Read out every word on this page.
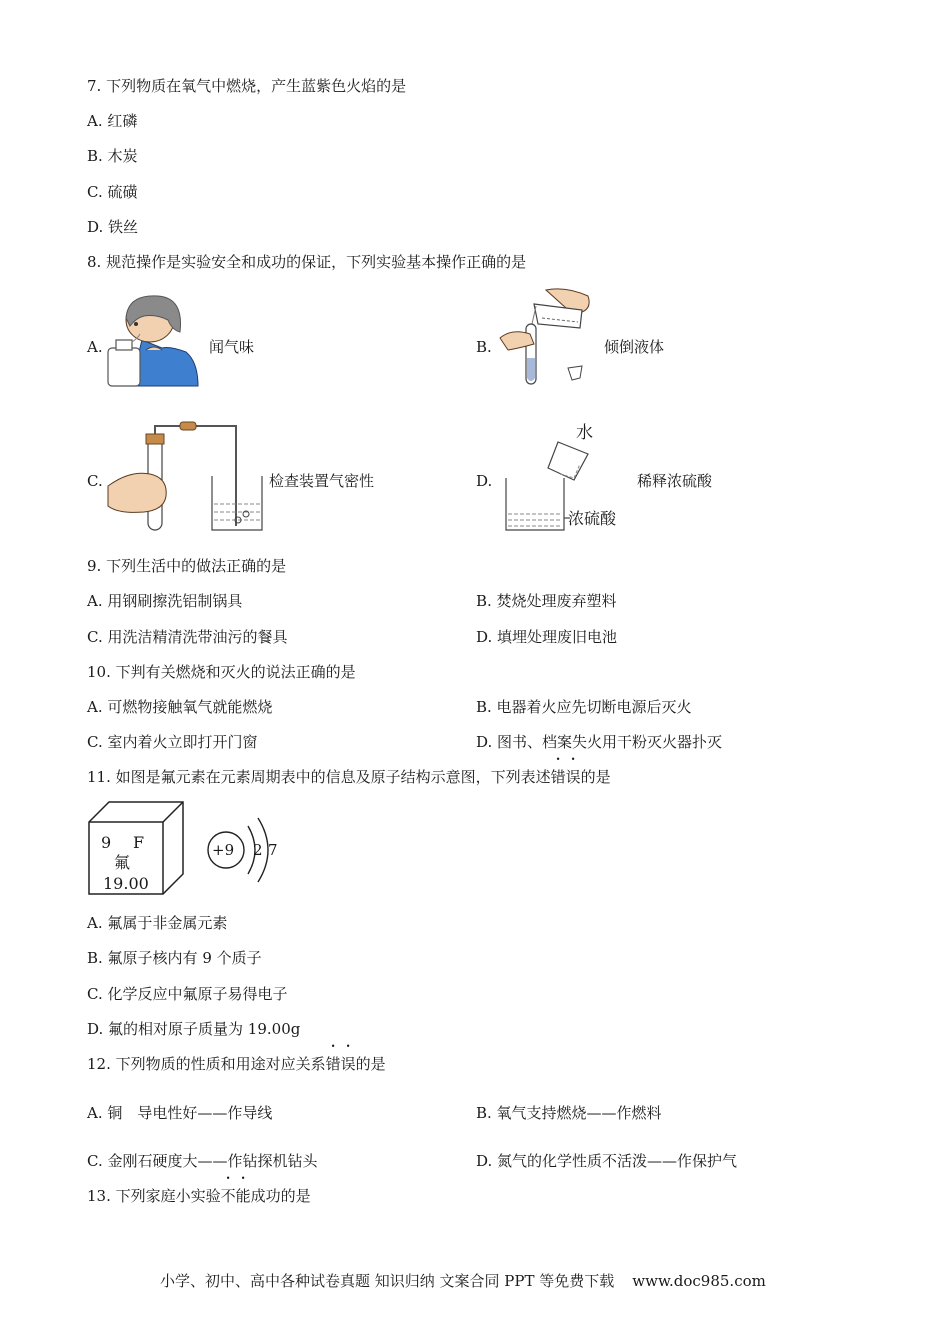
7. 下列物质在氧气中燃烧，产生蓝紫色火焰的是
A. 红磷
B. 木炭
C. 硫磺
D. 铁丝
8. 规范操作是实验安全和成功的保证，下列实验基本操作正确的是
A.	闻气味	B.	倾倒液体
C.	检查装置气密性	D.
水
浓硫酸
稀释浓硫酸
9. 下列生活中的做法正确的是
A. 用钢刷擦洗铝制锅具	B. 焚烧处理废弃塑料
C. 用洗洁精清洗带油污的餐具	D. 填埋处理废旧电池
10. 下判有关燃烧和灭火的说法正确的是
A. 可燃物接触氧气就能燃烧	B. 电器着火应先切断电源后灭火
C. 室内着火立即打开门窗	D. 图书、档案失火用干粉灭火器扑灭
11. 如图是氟元素在元素周期表中的信息及原子结构示意图，下列表述错误的是
9 F
氟
19.00
+9 2 7
A. 氟属于非金属元素
B. 氟原子核内有 9 个质子
C. 化学反应中氟原子易得电子
D. 氟的相对原子质量为 19.00g
12. 下列物质的性质和用途对应关系错误的是
A. 铜　导电性好——作导线	B. 氧气支持燃烧——作燃料
C. 金刚石硬度大——作钻探机钻头	D. 氮气的化学性质不活泼——作保护气
13. 下列家庭小实验不能成功的是
小学、初中、高中各种试卷真题 知识归纳 文案合同 PPT 等免费下载 www.doc985.com
